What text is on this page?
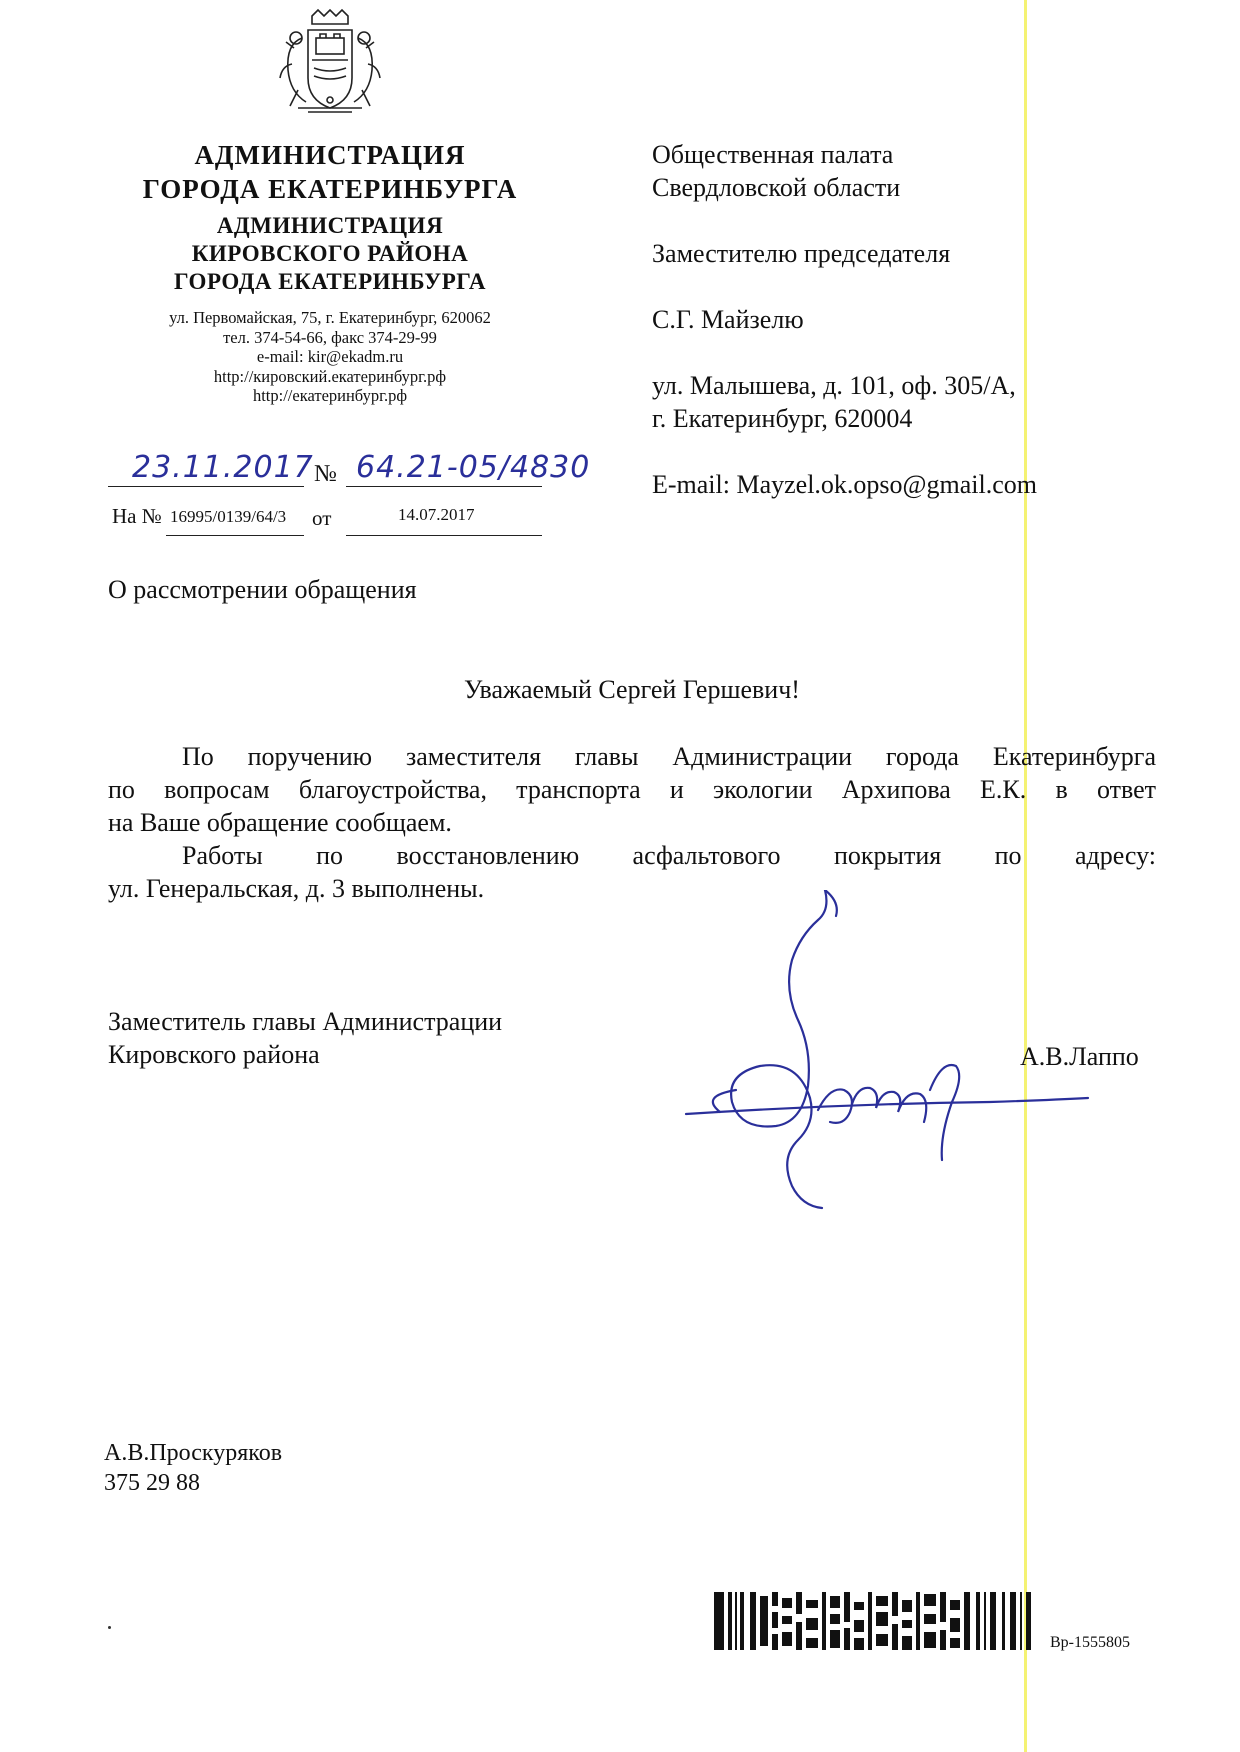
АДМИНИСТРАЦИЯ
ГОРОДА ЕКАТЕРИНБУРГА
АДМИНИСТРАЦИЯ
КИРОВСКОГО РАЙОНА
ГОРОДА ЕКАТЕРИНБУРГА
ул. Первомайская, 75, г. Екатеринбург, 620062
тел. 374-54-66, факс 374-29-99
e-mail: kir@ekadm.ru
http://кировский.екатеринбург.рф
http://екатеринбург.рф
23.11.2017 № 64.21-05/4830
На № 16995/0139/64/3 от	14.07.2017
Общественная палата
Свердловской области
Заместителю председателя
С.Г. Майзелю
ул. Малышева, д. 101, оф. 305/А,
г. Екатеринбург, 620004
E-mail: Mayzel.ok.opso@gmail.com
О рассмотрении обращения
Уважаемый Сергей Гершевич!
По поручению заместителя главы Администрации города Екатеринбурга
по вопросам благоустройства, транспорта и экологии Архипова Е.К. в ответ
на Ваше обращение сообщаем.
Работы по восстановлению асфальтового покрытия по адресу:
ул. Генеральская, д. 3 выполнены.
Заместитель главы Администрации
Кировского района	А.В.Лаппо
А.В.Проскуряков
375 29 88
Вр-1555805
